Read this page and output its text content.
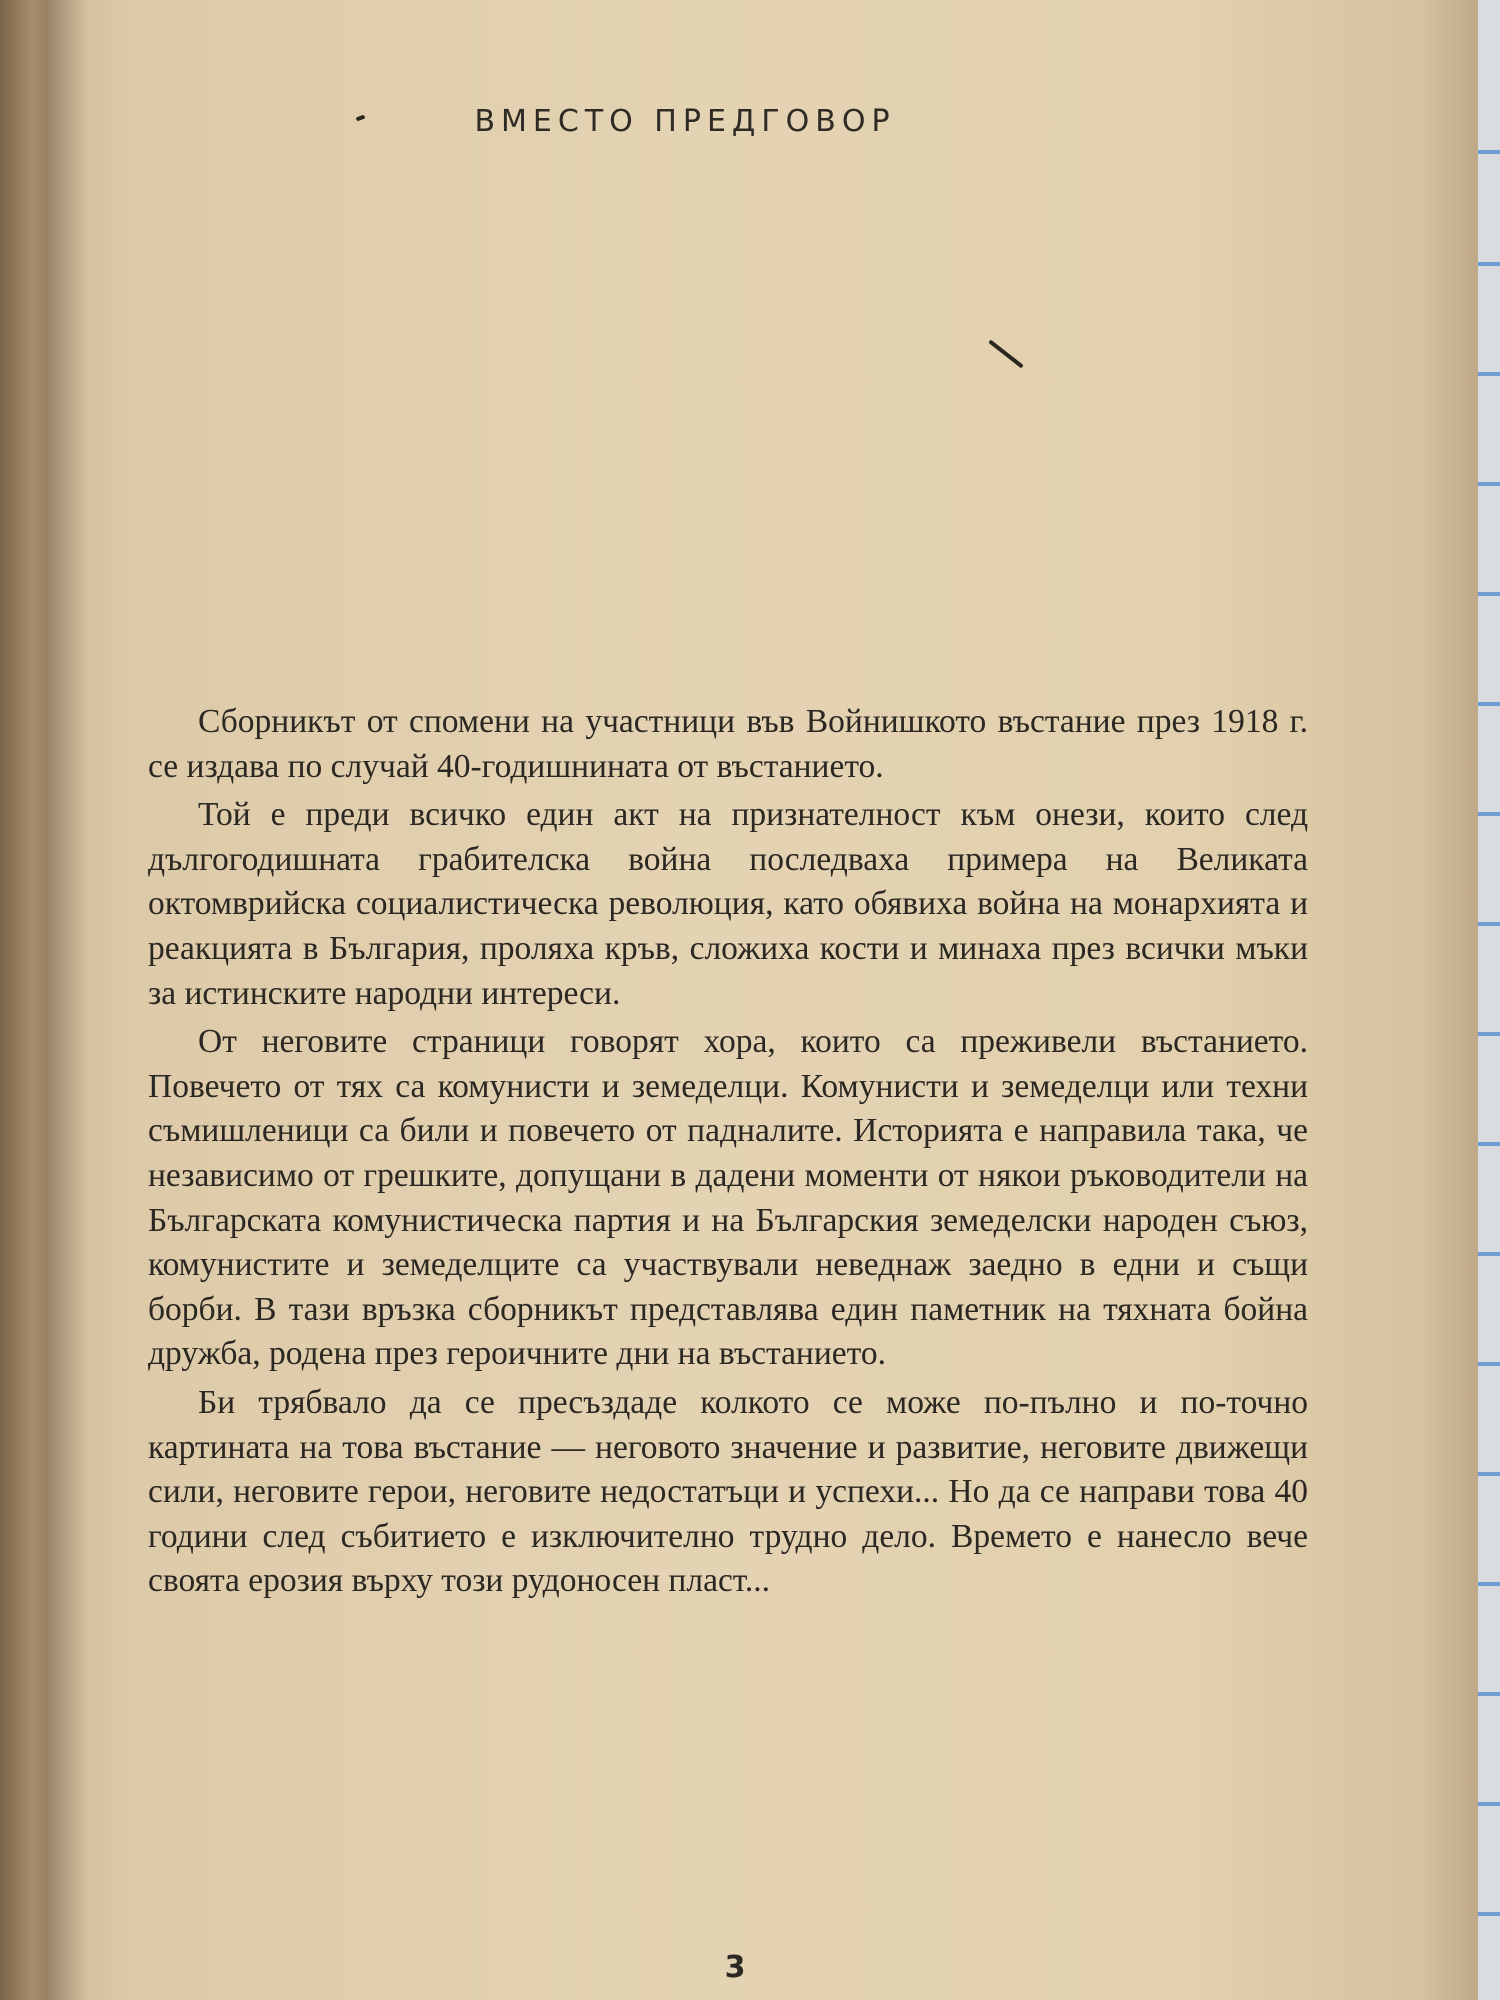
ВМЕСТО ПРЕДГОВОР

Сборникът от спомени на участници във Войнишкото въстание през 1918 г. се издава по случай 40-годишнината от въстанието.

Той е преди всичко един акт на признателност към онези, които след дългогодишната грабителска война последваха примера на Великата октомврийска социалистическа революция, като обявиха война на монархията и реакцията в България, проляха кръв, сложиха кости и минаха през всички мъки за истинските народни интереси.

От неговите страници говорят хора, които са преживели въстанието. Повечето от тях са комунисти и земеделци. Комунисти и земеделци или техни съмишленици са били и повечето от падналите. Историята е направила така, че независимо от грешките, допущани в дадени моменти от някои ръководители на Българската комунистическа партия и на Българския земеделски народен съюз, комунистите и земеделците са участвували неведнаж заедно в едни и същи борби. В тази връзка сборникът представлява един паметник на тяхната бойна дружба, родена през героичните дни на въстанието.

Би трябвало да се пресъздаде колкото се може по-пълно и по-точно картината на това въстание — неговото значение и развитие, неговите движещи сили, неговите герои, неговите недостатъци и успехи... Но да се направи това 40 години след събитието е изключително трудно дело. Времето е нанесло вече своята ерозия върху този рудоносен пласт...

3
